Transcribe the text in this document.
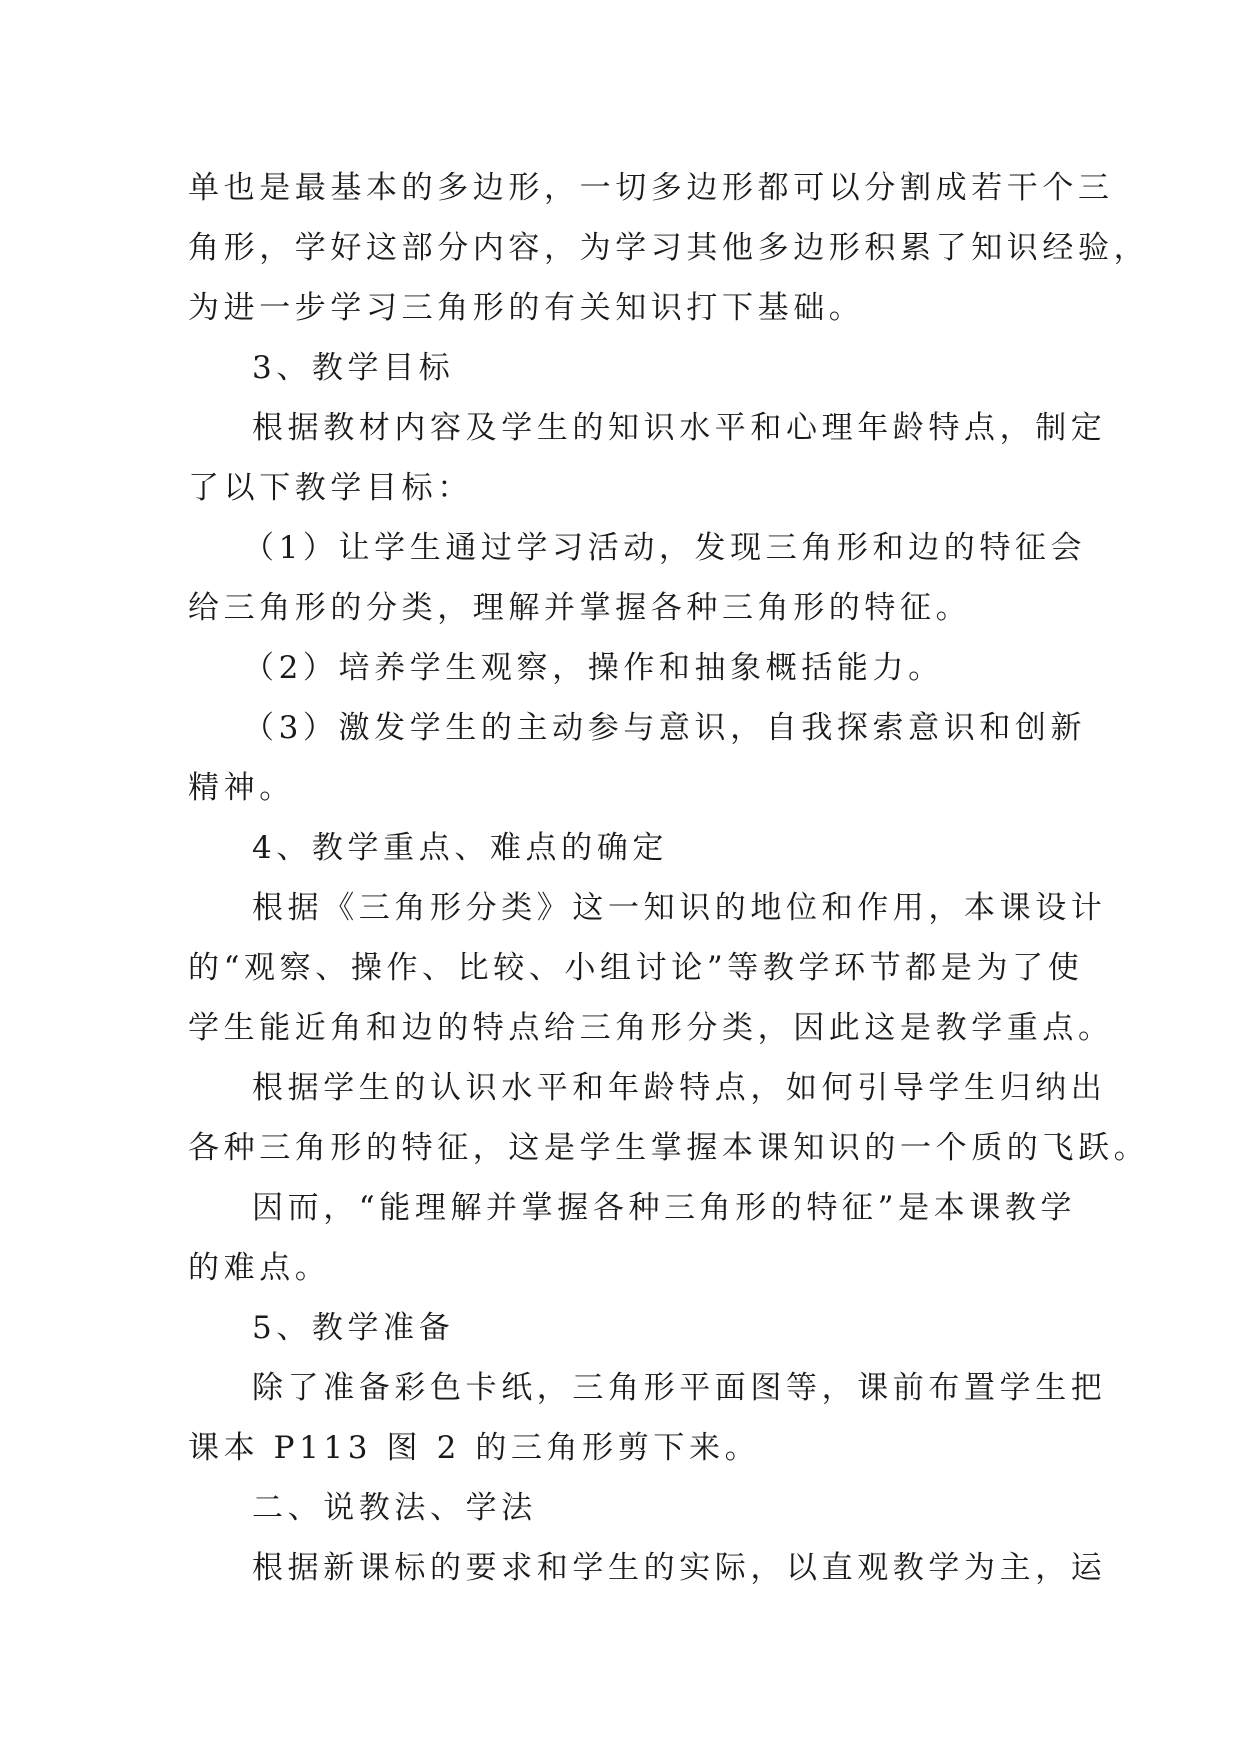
单也是最基本的多边形，一切多边形都可以分割成若干个三
角形，学好这部分内容，为学习其他多边形积累了知识经验，
为进一步学习三角形的有关知识打下基础。
3、教学目标
根据教材内容及学生的知识水平和心理年龄特点，制定
了以下教学目标：
（1）让学生通过学习活动，发现三角形和边的特征会
给三角形的分类，理解并掌握各种三角形的特征。
（2）培养学生观察，操作和抽象概括能力。
（3）激发学生的主动参与意识，自我探索意识和创新
精神。
4、教学重点、难点的确定
根据《三角形分类》这一知识的地位和作用，本课设计
的“观察、操作、比较、小组讨论”等教学环节都是为了使
学生能近角和边的特点给三角形分类，因此这是教学重点。
根据学生的认识水平和年龄特点，如何引导学生归纳出
各种三角形的特征，这是学生掌握本课知识的一个质的飞跃。
因而，“能理解并掌握各种三角形的特征”是本课教学
的难点。
5、教学准备
除了准备彩色卡纸，三角形平面图等，课前布置学生把
课本 P113 图 2 的三角形剪下来。
二、说教法、学法
根据新课标的要求和学生的实际，以直观教学为主，运
